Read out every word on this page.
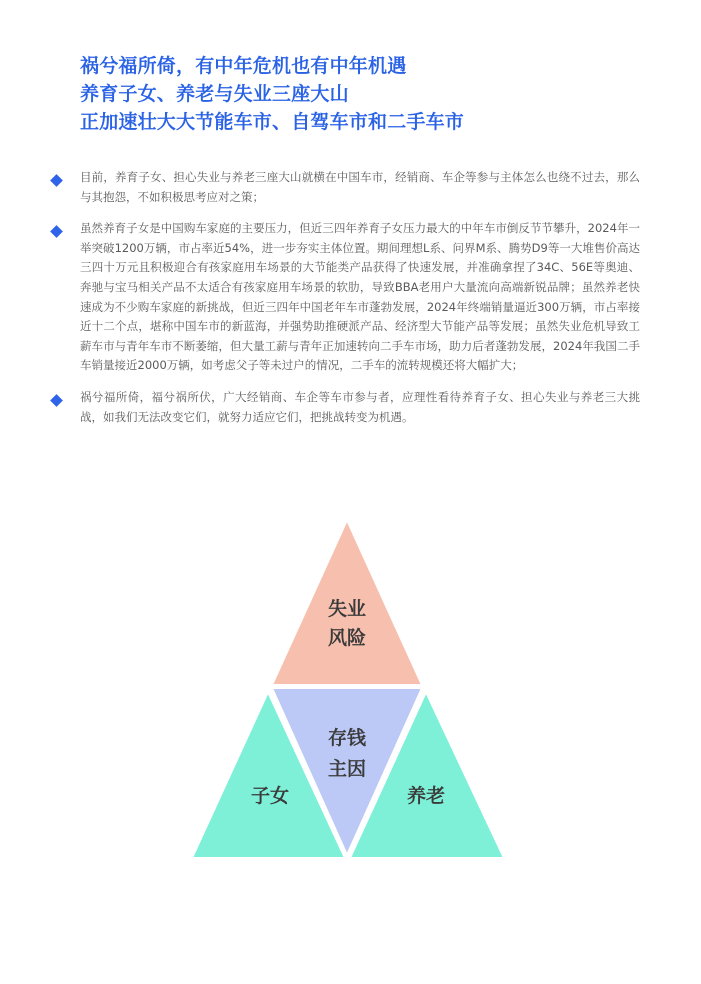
祸兮福所倚，有中年危机也有中年机遇
养育子女、养老与失业三座大山
正加速壮大大节能车市、自驾车市和二手车市
目前，养育子女、担心失业与养老三座大山就横在中国车市，经销商、车企等参与主体怎么也绕不过去，那么与其抱怨，不如积极思考应对之策；
虽然养育子女是中国购车家庭的主要压力，但近三四年养育子女压力最大的中年车市倒反节节攀升，2024年一举突破1200万辆，市占率近54%，进一步夯实主体位置。期间理想L系、问界M系、腾势D9等一大堆售价高达三四十万元且积极迎合有孩家庭用车场景的大节能类产品获得了快速发展，并准确拿捏了34C、56E等奥迪、奔驰与宝马相关产品不太适合有孩家庭用车场景的软肋，导致BBA老用户大量流向高端新锐品牌；虽然养老快速成为不少购车家庭的新挑战，但近三四年中国老年车市蓬勃发展，2024年终端销量逼近300万辆，市占率接近十二个点，堪称中国车市的新蓝海，并强势助推硬派产品、经济型大节能产品等发展；虽然失业危机导致工薪车市与青年车市不断萎缩，但大量工薪与青年正加速转向二手车市场，助力后者蓬勃发展，2024年我国二手车销量接近2000万辆，如考虑父子等未过户的情况，二手车的流转规模还将大幅扩大；
祸兮福所倚，福兮祸所伏，广大经销商、车企等车市参与者，应理性看待养育子女、担心失业与养老三大挑战，如我们无法改变它们，就努力适应它们，把挑战转变为机遇。
失业
风险
存钱
主因
子女	养老
